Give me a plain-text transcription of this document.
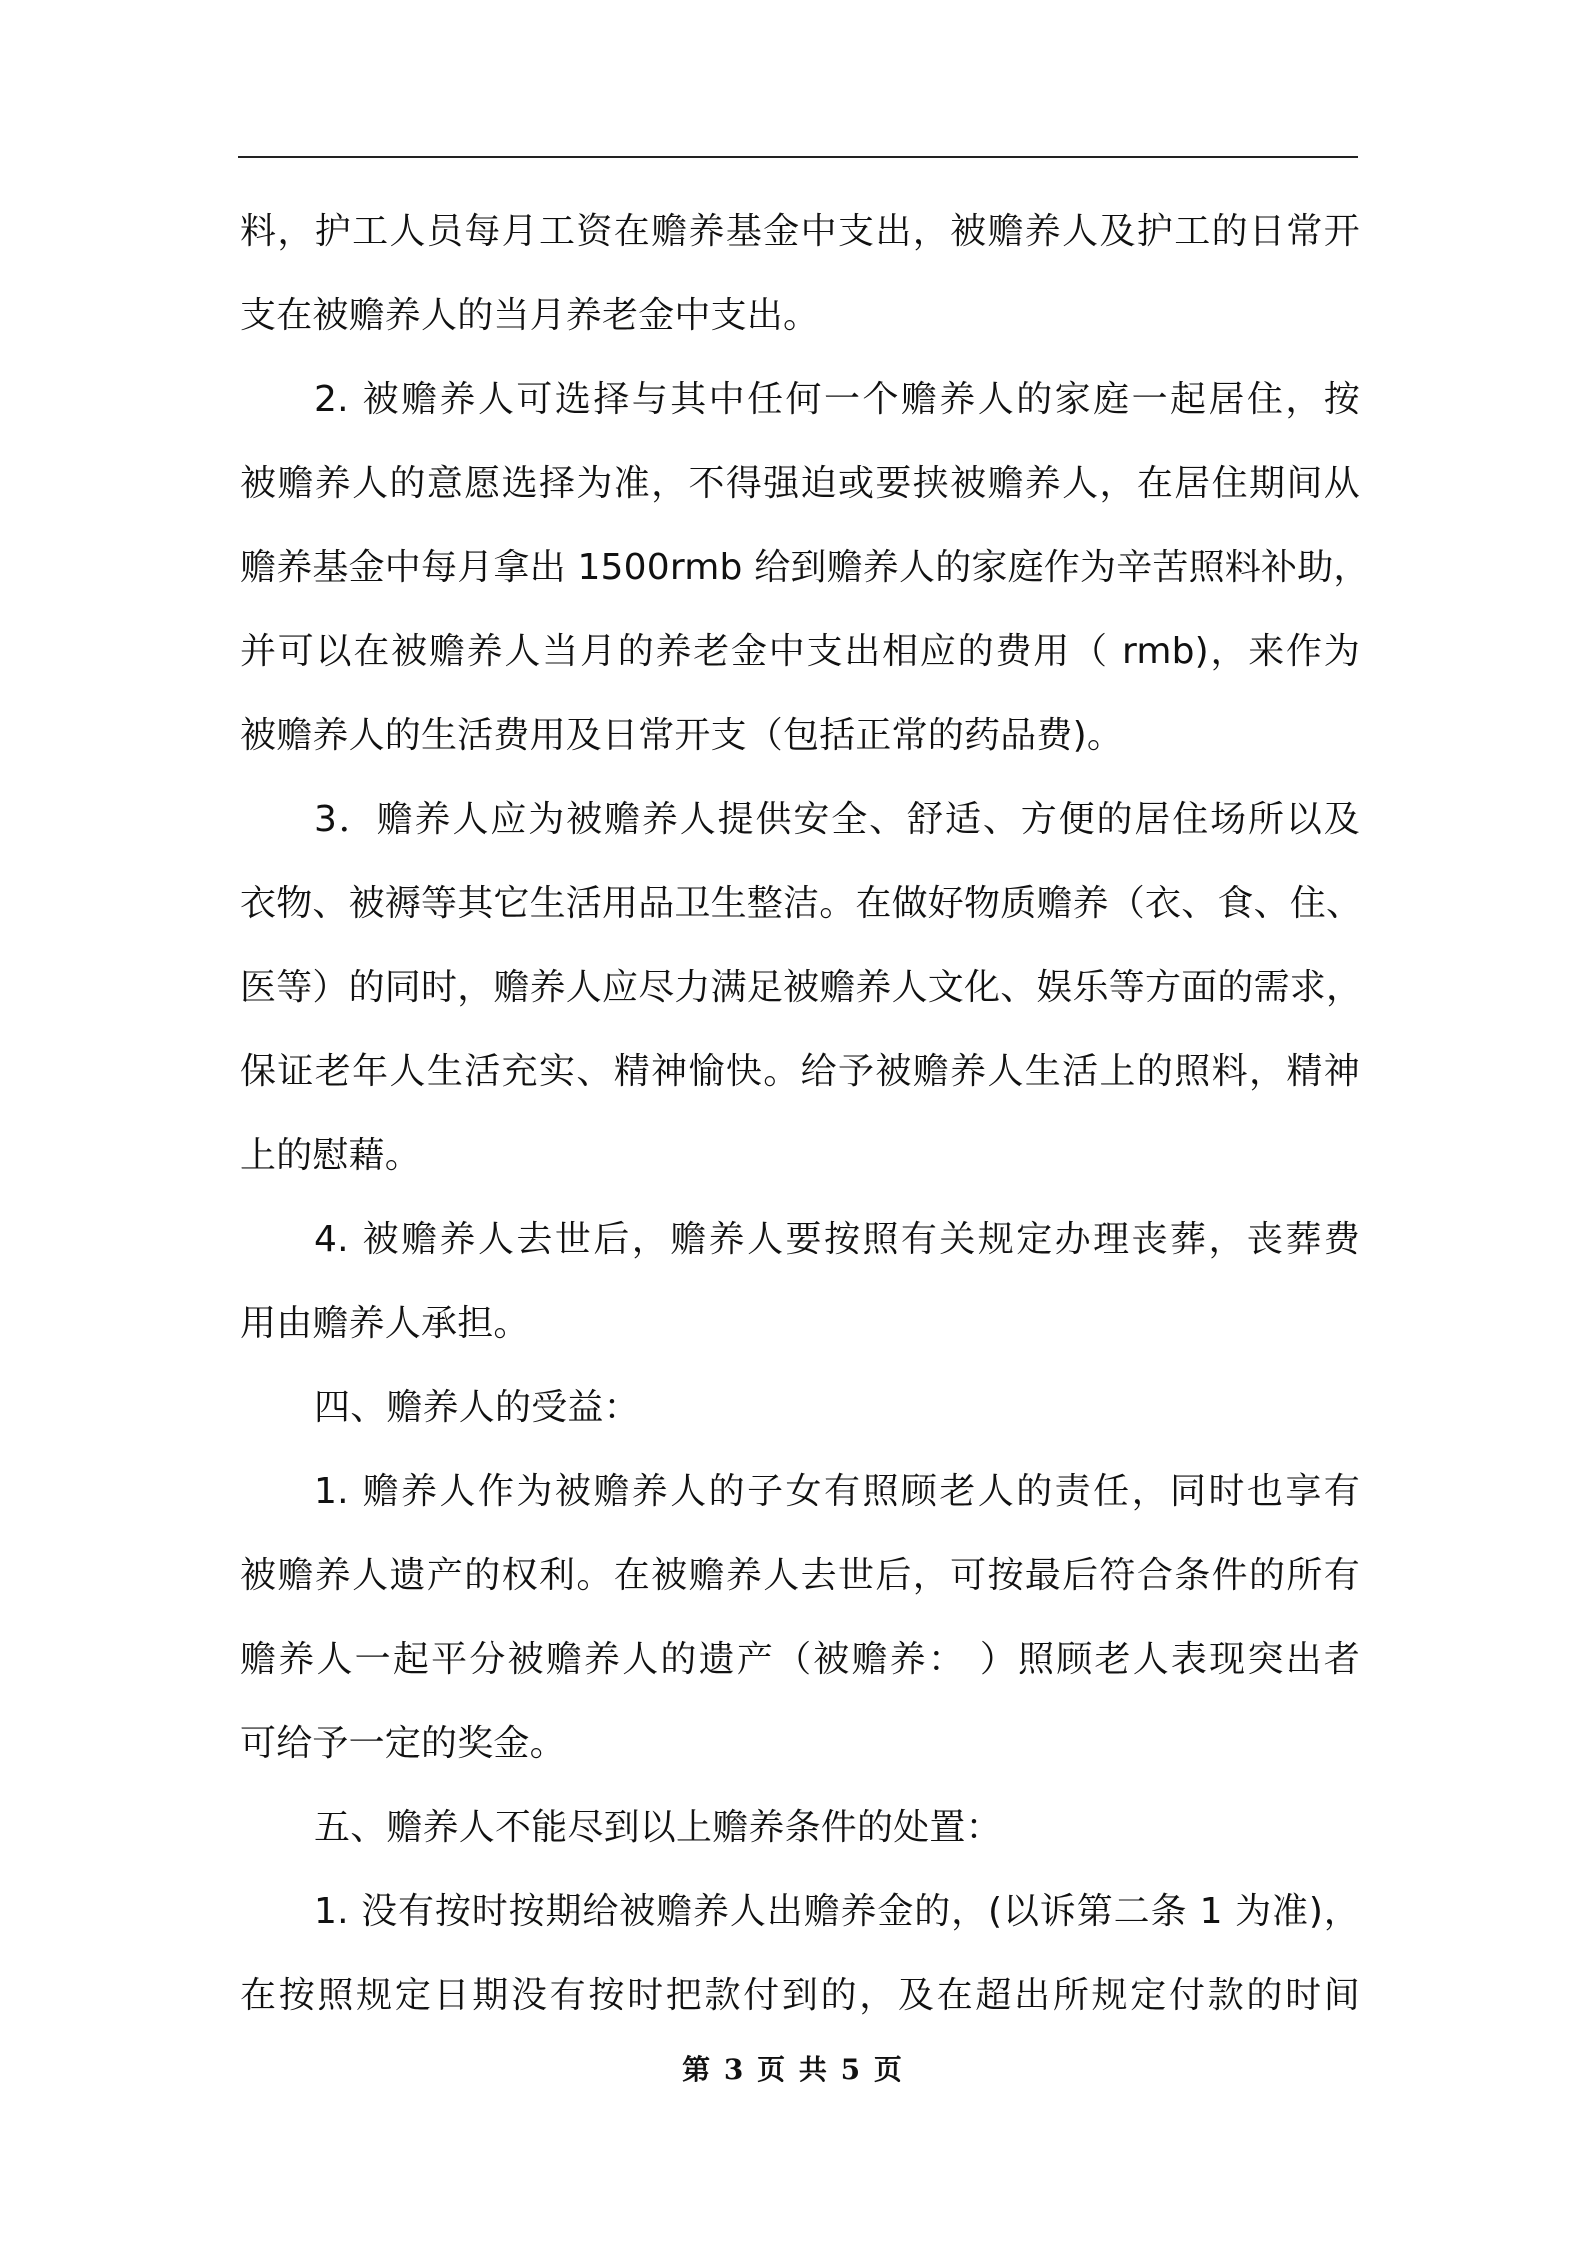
料，护工人员每月工资在赡养基金中支出，被赡养人及护工的日常开
支在被赡养人的当月养老金中支出。
2. 被赡养人可选择与其中任何一个赡养人的家庭一起居住，按
被赡养人的意愿选择为准，不得强迫或要挟被赡养人，在居住期间从
赡养基金中每月拿出 1500rmb 给到赡养人的家庭作为辛苦照料补助，
并可以在被赡养人当月的养老金中支出相应的费用（ rmb)，来作为
被赡养人的生活费用及日常开支（包括正常的药品费)。
3．赡养人应为被赡养人提供安全、舒适、方便的居住场所以及
衣物、被褥等其它生活用品卫生整洁。在做好物质赡养（衣、食、住、
医等）的同时，赡养人应尽力满足被赡养人文化、娱乐等方面的需求，
保证老年人生活充实、精神愉快。给予被赡养人生活上的照料，精神
上的慰藉。
4. 被赡养人去世后，赡养人要按照有关规定办理丧葬，丧葬费
用由赡养人承担。
四、赡养人的受益：
1. 赡养人作为被赡养人的子女有照顾老人的责任，同时也享有
被赡养人遗产的权利。在被赡养人去世后，可按最后符合条件的所有
赡养人一起平分被赡养人的遗产（被赡养： ）照顾老人表现突出者
可给予一定的奖金。
五、赡养人不能尽到以上赡养条件的处置：
1. 没有按时按期给被赡养人出赡养金的，(以诉第二条 1 为准)，
在按照规定日期没有按时把款付到的，及在超出所规定付款的时间
第 3 页 共 5 页
